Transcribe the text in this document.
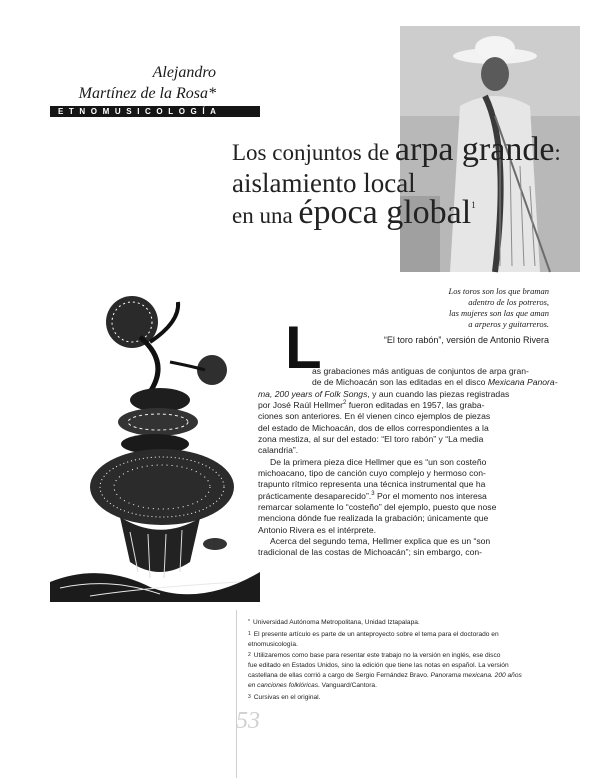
Alejandro
Martínez de la Rosa*
ETNOMUSICOLOGÍA
Los conjuntos de arpa grande:
aislamiento local
en una época global$^1$
Los toros son los que braman
adentro de los potreros,
las mujeres son las que aman
a arperos y guitarreros.
“El toro rabón”, versión de Antonio Rivera
L
as grabaciones más antiguas de conjuntos de arpa gran-
de de Michoacán son las editadas en el disco Mexicana Panora-
ma, 200 years of Folk Songs, y aun cuando las piezas registradas
por José Raúl Hellmer$^2$ fueron editadas en 1957, las graba-
ciones son anteriores. En él vienen cinco ejemplos de piezas
del estado de Michoacán, dos de ellos correspondientes a la
zona mestiza, al sur del estado: “El toro rabón” y “La media
calandria”.
De la primera pieza dice Hellmer que es “un son costeño
michoacano, tipo de canción cuyo complejo y hermoso con-
trapunto rítmico representa una técnica instrumental que ha
prácticamente desaparecido”.$^3$ Por el momento nos interesa
remarcar solamente lo “costeño” del ejemplo, puesto que nose
menciona dónde fue realizada la grabación; únicamente que
Antonio Rivera es el intérprete.
Acerca del segundo tema, Hellmer explica que es un “son
tradicional de las costas de Michoacán”; sin embargo, con-
* Universidad Autónoma Metropolitana, Unidad Iztapalapa.
$^1$ El presente artículo es parte de un anteproyecto sobre el tema para el doctorado en
etnomusicología.
$^2$ Utilizaremos como base para resentar este trabajo no la versión en inglés, ese disco
fue editado en Estados Unidos, sino la edición que tiene las notas en español. La versión
castellana de ellas corrió a cargo de Sergio Fernández Bravo. Panorama mexicana. 200 años
en canciones folklóricas. Vanguard/Cantora.
$^3$ Cursivas en el original.
53
